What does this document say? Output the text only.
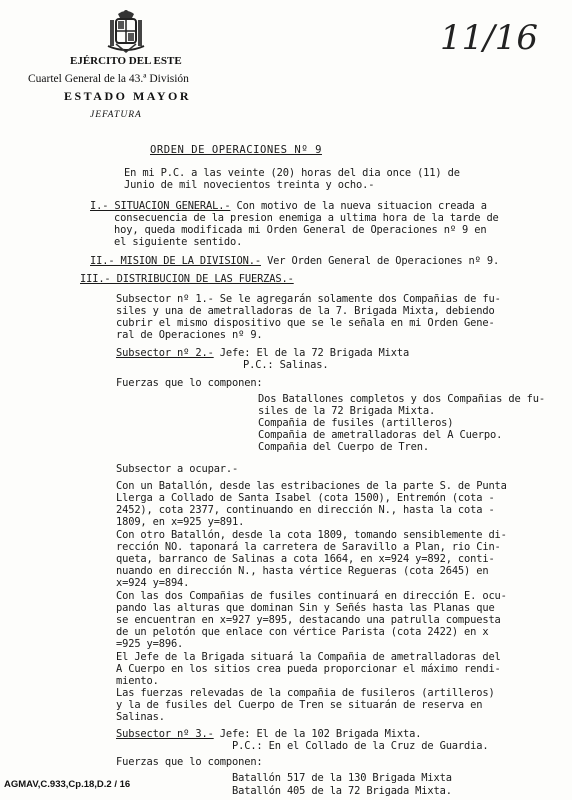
EJÉRCITO DEL ESTE
Cuartel General de la 43.ª División
ESTADO MAYOR
JEFATURA
11/16
ORDEN DE OPERACIONES Nº 9
En mi P.C. a las veinte (20) horas del dia once (11) de
Junio de mil novecientos treinta y ocho.-
I.- SITUACION GENERAL.- Con motivo de la nueva situacion creada a
consecuencia de la presion enemiga a ultima hora de la tarde de
hoy, queda modificada mi Orden General de Operaciones nº 9 en
el siguiente sentido.
II.- MISION DE LA DIVISION.- Ver Orden General de Operaciones nº 9.
III.- DISTRIBUCION DE LAS FUERZAS.-
Subsector nº 1.- Se le agregarán solamente dos Compañias de fu-
siles y una de ametralladoras de la 7. Brigada Mixta, debiendo
cubrir el mismo dispositivo que se le señala en mi Orden Gene-
ral de Operaciones nº 9.
Subsector nº 2.- Jefe: El de la 72 Brigada Mixta
P.C.: Salinas.
Fuerzas que lo componen:
Dos Batallones completos y dos Compañias de fu-
siles de la 72 Brigada Mixta.
Compañia de fusiles (artilleros)
Compañia de ametralladoras del A Cuerpo.
Compañia del Cuerpo de Tren.
Subsector a ocupar.-
Con un Batallón, desde las estribaciones de la parte S. de Punta
Llerga a Collado de Santa Isabel (cota 1500), Entremón (cota -
2452), cota 2377, continuando en dirección N., hasta la cota -
1809, en x=925 y=891.
Con otro Batallón, desde la cota 1809, tomando sensiblemente di-
rección NO. taponará la carretera de Saravillo a Plan, rio Cin-
queta, barranco de Salinas a cota 1664, en x=924 y=892, conti-
nuando en dirección N., hasta vértice Regueras (cota 2645) en
x=924 y=894.
Con las dos Compañias de fusiles continuará en dirección E. ocu-
pando las alturas que dominan Sin y Señés hasta las Planas que
se encuentran en x=927 y=895, destacando una patrulla compuesta
de un pelotón que enlace con vértice Parista (cota 2422) en x
=925 y=896.
El Jefe de la Brigada situará la Compañia de ametralladoras del
A Cuerpo en los sitios crea pueda proporcionar el máximo rendi-
miento.
Las fuerzas relevadas de la compañia de fusileros (artilleros)
y la de fusiles del Cuerpo de Tren se situarán de reserva en
Salinas.
Subsector nº 3.- Jefe: El de la 102 Brigada Mixta.
P.C.: En el Collado de la Cruz de Guardia.
Fuerzas que lo componen:
Batallón 517 de la 130 Brigada Mixta
Batallón 405 de la 72 Brigada Mixta.
AGMAV,C.933,Cp.18,D.2 / 16
